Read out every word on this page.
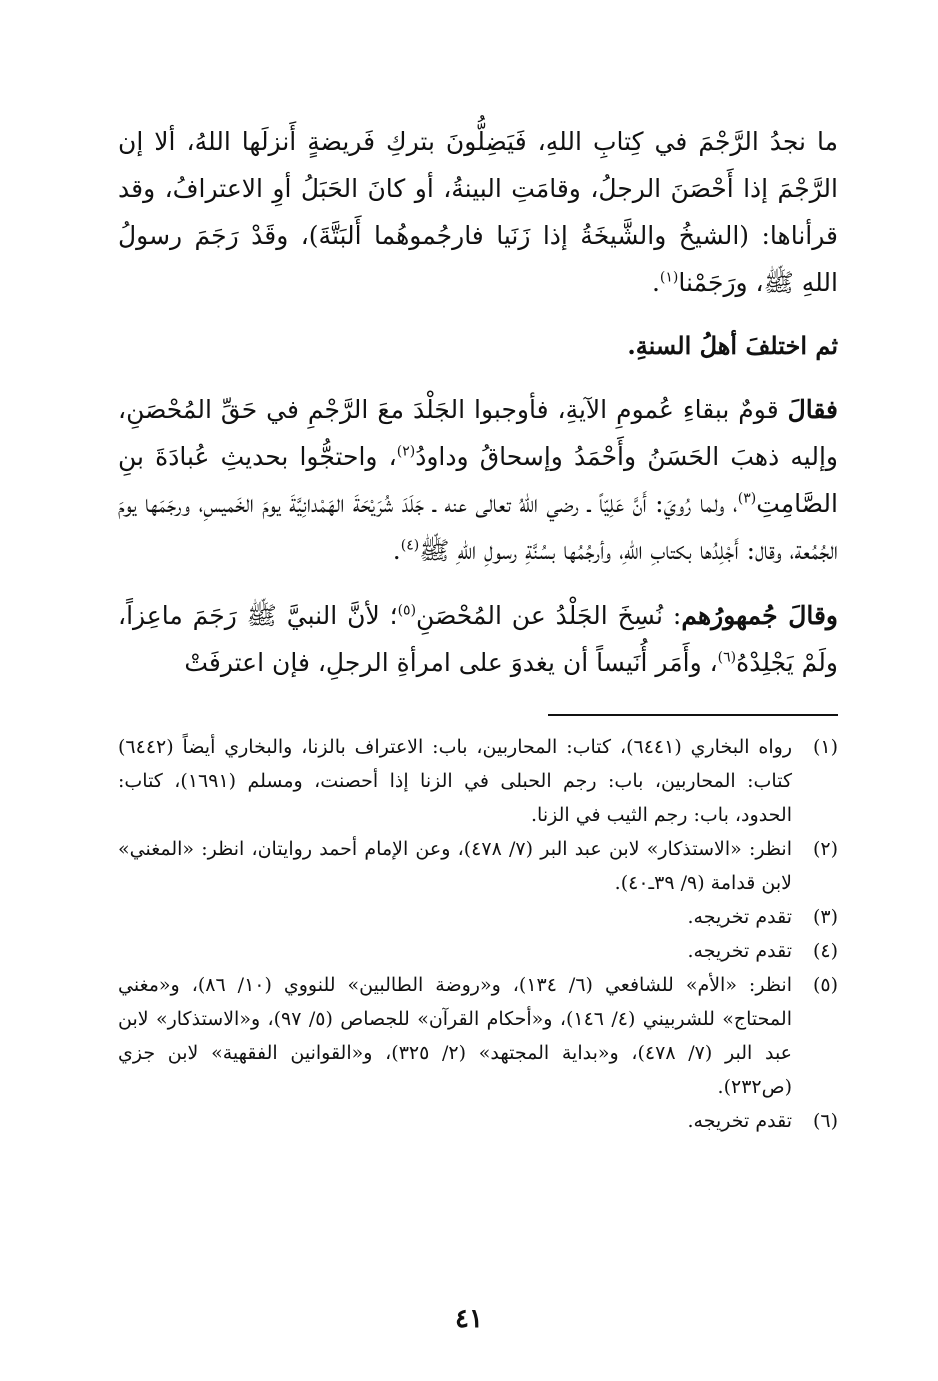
ما نجدُ الرَّجْمَ في كِتابِ اللهِ، فَيَضِلُّونَ بتركِ فَريضةٍ أَنزلَها اللهُ، ألا إن الرَّجْمَ إذا أَحْصَنَ الرجلُ، وقامَتِ البينةُ، أو كانَ الحَبَلُ أوِ الاعترافُ، وقد قرأناها: (الشيخُ والشَّيخَةُ إذا زَنَيا فارجُموهُما أَلبَتَّةَ)، وقَدْ رَجَمَ رسولُ اللهِ ﷺ، ورَجَمْنا$^{(١)}$.

ثم اختلفَ أهلُ السنةِ.

فقالَ قومٌ ببقاءِ عُمومِ الآيةِ، فأوجبوا الجَلْدَ معَ الرَّجْمِ في حَقِّ المُحْصَنِ، وإليه ذهبَ الحَسَنُ وأَحْمَدُ وإسحاقُ وداودُ$^{(٢)}$، واحتجُّوا بحديثِ عُبادَةَ بنِ الصَّامِتِ$^{(٣)}$، ولما رُويَ: أَنَّ عَلِيّاً ـ رضي اللهُ تعالى عنه ـ جَلَدَ شُرَيْحَةَ الهَمْدانِيَّةَ يومَ الخَميسِ، ورجَمَها يومَ الجُمُعة، وقال: أَجْلِدُها بكتابِ اللهِ، وأرجُمُها بسُنَّةِ رسولِ اللهِ ﷺ$^{(٤)}$.

وقالَ جُمهورُهم: نُسِخَ الجَلْدُ عن المُحْصَنِ$^{(٥)}$؛ لأنَّ النبيَّ ﷺ رَجَمَ ماعِزاً، ولَمْ يَجْلِدْهُ$^{(٦)}$، وأَمَر أُنَيساً أن يغدوَ على امرأةِ الرجلِ، فإن اعترفَتْ

(١)
رواه البخاري (٦٤٤١)، كتاب: المحاربين، باب: الاعتراف بالزنا، والبخاري أيضاً (٦٤٤٢) كتاب: المحاربين، باب: رجم الحبلى في الزنا إذا أحصنت، ومسلم (١٦٩١)، كتاب: الحدود، باب: رجم الثيب في الزنا.
(٢)
انظر: «الاستذكار» لابن عبد البر (٧/ ٤٧٨)، وعن الإمام أحمد روايتان، انظر: «المغني» لابن قدامة (٩/ ٣٩ـ٤٠).
(٣)
تقدم تخريجه.
(٤)
تقدم تخريجه.
(٥)
انظر: «الأم» للشافعي (٦/ ١٣٤)، و«روضة الطالبين» للنووي (١٠/ ٨٦)، و«مغني المحتاج» للشربيني (٤/ ١٤٦)، و«أحكام القرآن» للجصاص (٥/ ٩٧)، و«الاستذكار» لابن عبد البر (٧/ ٤٧٨)، و«بداية المجتهد» (٢/ ٣٢٥)، و«القوانين الفقهية» لابن جزي (ص٢٣٢).
(٦)
تقدم تخريجه.
٤١
